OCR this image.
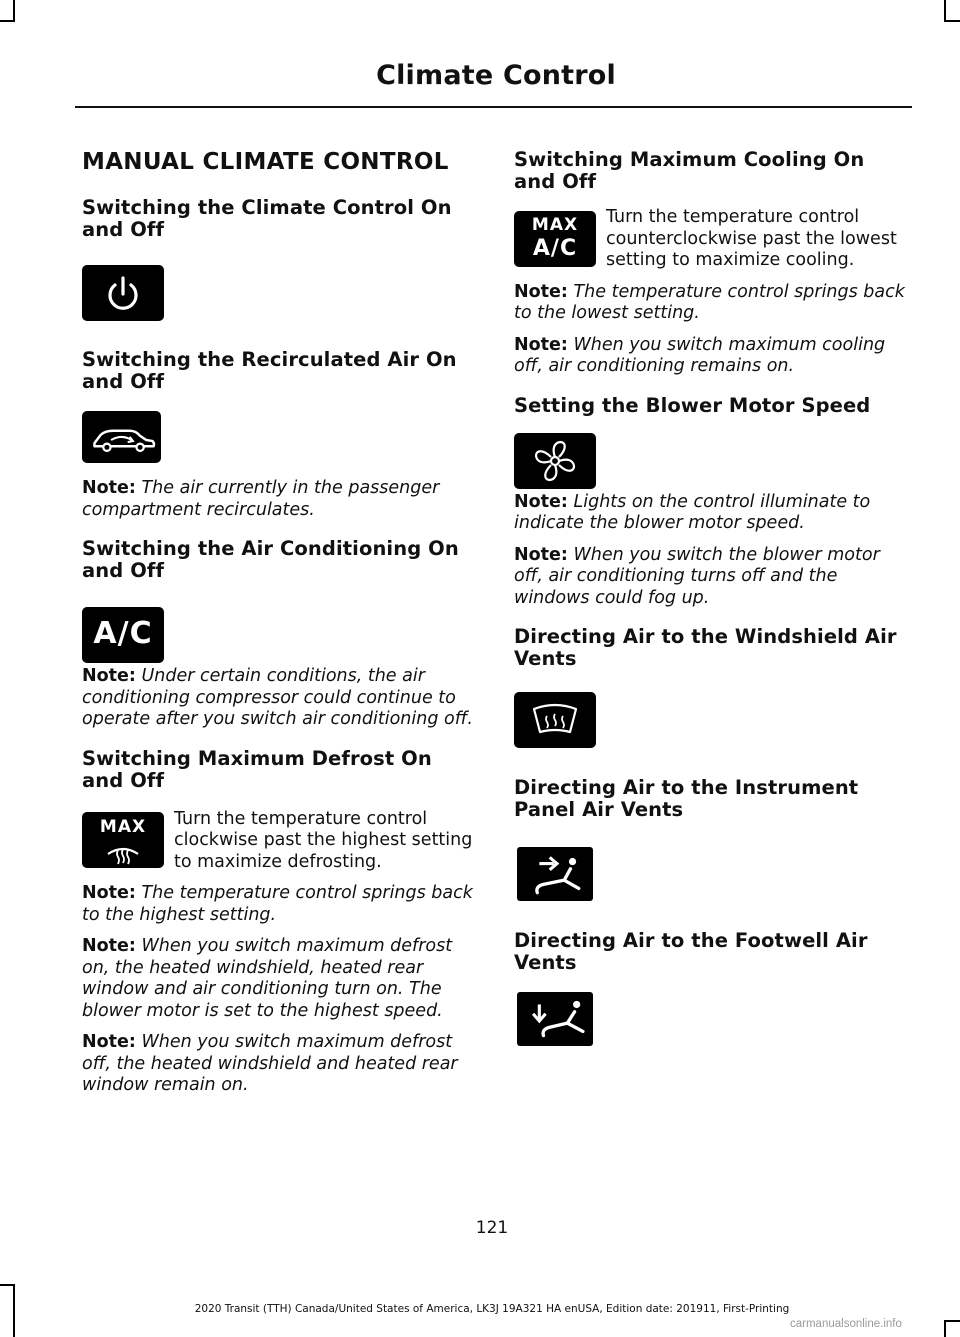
Climate Control
MANUAL CLIMATE CONTROL
Switching the Climate Control On and Off
Switching the Recirculated Air On and Off

Note: The air currently in the passenger compartment recirculates.

Switching the Air Conditioning On and Off
A/C

Note: Under certain conditions, the air conditioning compressor could continue to operate after you switch air conditioning off.

Switching Maximum Defrost On and Off
MAX	Turn the temperature control clockwise past the highest setting to maximize defrosting.

Note: The temperature control springs back to the highest setting.

Note: When you switch maximum defrost on, the heated windshield, heated rear window and air conditioning turn on. The blower motor is set to the highest speed.

Note: When you switch maximum defrost off, the heated windshield and heated rear window remain on.

Switching Maximum Cooling On and Off
MAX
A/C

Turn the temperature control counterclockwise past the lowest setting to maximize cooling.

Note: The temperature control springs back to the lowest setting.

Note: When you switch maximum cooling off, air conditioning remains on.

Setting the Blower Motor Speed

Note: Lights on the control illuminate to indicate the blower motor speed.

Note: When you switch the blower motor off, air conditioning turns off and the windows could fog up.

Directing Air to the Windshield Air Vents
Directing Air to the Instrument Panel Air Vents
Directing Air to the Footwell Air Vents
121
2020 Transit (TTH) Canada/United States of America, LK3J 19A321 HA enUSA, Edition date: 201911, First-Printing
carmanualsonline.info
